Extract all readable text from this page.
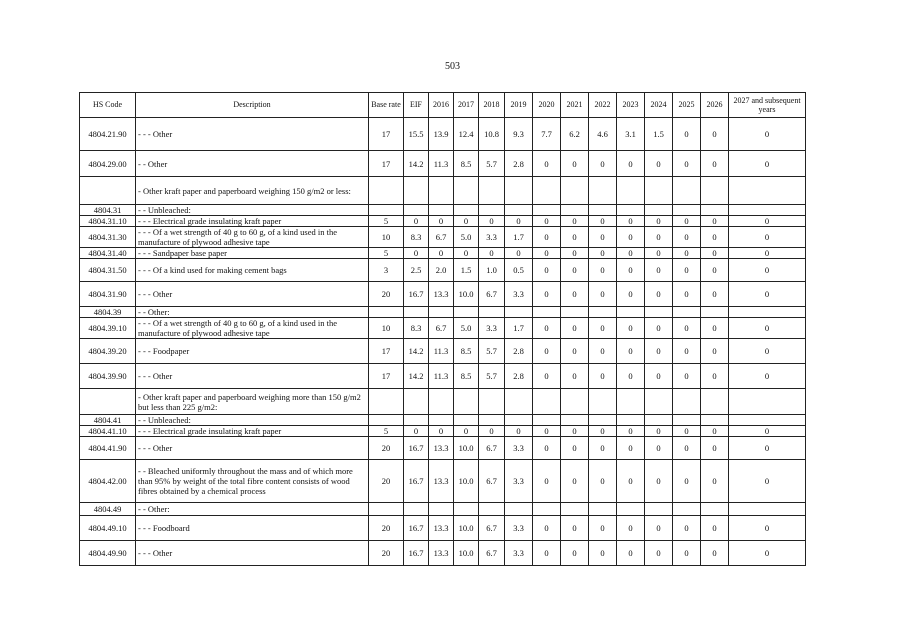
503
HS Code	Description	Base rate	EIF	2016	2017	2018	2019	2020	2021	2022	2023	2024	2025	2026	2027 and subsequent years
4804.21.90	- - - Other	17	15.5	13.9	12.4	10.8	9.3	7.7	6.2	4.6	3.1	1.5	0	0	0
4804.29.00	- - Other	17	14.2	11.3	8.5	5.7	2.8	0	0	0	0	0	0	0	0
	- Other kraft paper and paperboard weighing 150 g/m2 or less:														
4804.31	- - Unbleached:														
4804.31.10	- - - Electrical grade insulating kraft paper	5	0	0	0	0	0	0	0	0	0	0	0	0	0
4804.31.30	- - - Of a wet strength of 40 g to 60 g, of a kind used in the manufacture of plywood adhesive tape	10	8.3	6.7	5.0	3.3	1.7	0	0	0	0	0	0	0	0
4804.31.40	- - - Sandpaper base paper	5	0	0	0	0	0	0	0	0	0	0	0	0	0
4804.31.50	- - - Of a kind used for making cement bags	3	2.5	2.0	1.5	1.0	0.5	0	0	0	0	0	0	0	0
4804.31.90	- - - Other	20	16.7	13.3	10.0	6.7	3.3	0	0	0	0	0	0	0	0
4804.39	- - Other:														
4804.39.10	- - - Of a wet strength of 40 g to 60 g, of a kind used in the manufacture of plywood adhesive tape	10	8.3	6.7	5.0	3.3	1.7	0	0	0	0	0	0	0	0
4804.39.20	- - - Foodpaper	17	14.2	11.3	8.5	5.7	2.8	0	0	0	0	0	0	0	0
4804.39.90	- - - Other	17	14.2	11.3	8.5	5.7	2.8	0	0	0	0	0	0	0	0
	- Other kraft paper and paperboard weighing more than 150 g/m2 but less than 225 g/m2:														
4804.41	- - Unbleached:														
4804.41.10	- - - Electrical grade insulating kraft paper	5	0	0	0	0	0	0	0	0	0	0	0	0	0
4804.41.90	- - - Other	20	16.7	13.3	10.0	6.7	3.3	0	0	0	0	0	0	0	0
4804.42.00	- - Bleached uniformly throughout the mass and of which more than 95% by weight of the total fibre content consists of wood fibres obtained by a chemical process	20	16.7	13.3	10.0	6.7	3.3	0	0	0	0	0	0	0	0
4804.49	- - Other:														
4804.49.10	- - - Foodboard	20	16.7	13.3	10.0	6.7	3.3	0	0	0	0	0	0	0	0
4804.49.90	- - - Other	20	16.7	13.3	10.0	6.7	3.3	0	0	0	0	0	0	0	0
